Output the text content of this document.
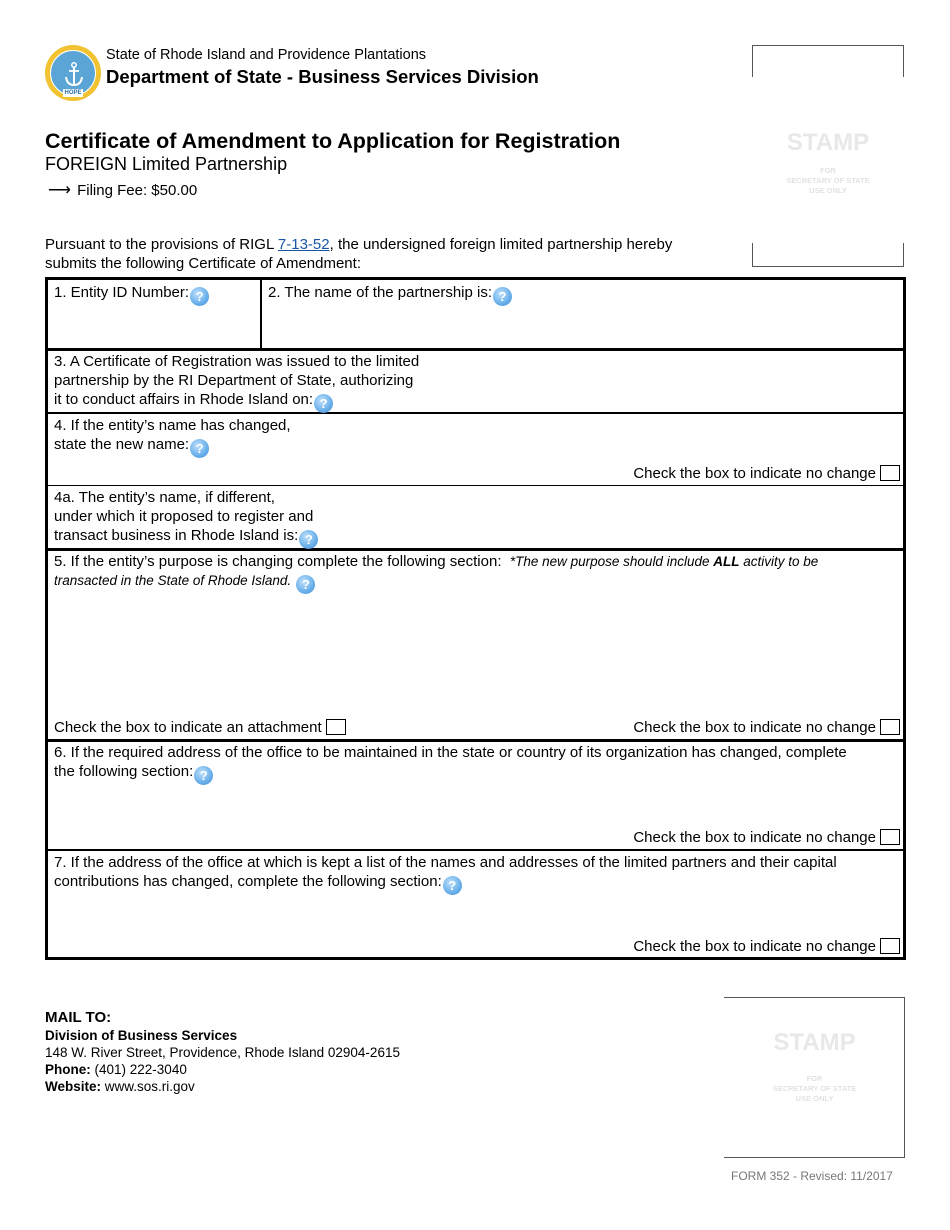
HOPE
State of Rhode Island and Providence Plantations
Department of State - Business Services Division
Certificate of Amendment to Application for Registration
FOREIGN Limited Partnership
⟶ Filing Fee: $50.00
STAMP
FOR
SECRETARY OF STATE
USE ONLY
Pursuant to the provisions of RIGL 7-13-52, the undersigned foreign limited partnership hereby
submits the following Certificate of Amendment:
1. Entity ID Number: ?	2. The name of the partnership is: ?
3. A Certificate of Registration was issued to the limited
partnership by the RI Department of State, authorizing
it to conduct affairs in Rhode Island on: ?
4. If the entity’s name has changed,
state the new name: ?
Check the box to indicate no change
4a. The entity’s name, if different,
under which it proposed to register and
transact business in Rhode Island is: ?
5. If the entity’s purpose is changing complete the following section: *The new purpose should include ALL activity to be
transacted in the State of Rhode Island. ?
Check the box to indicate an attachment	Check the box to indicate no change
6. If the required address of the office to be maintained in the state or country of its organization has changed, complete
the following section: ?
Check the box to indicate no change
7. If the address of the office at which is kept a list of the names and addresses of the limited partners and their capital
contributions has changed, complete the following section: ?
Check the box to indicate no change
MAIL TO:
Division of Business Services
148 W. River Street, Providence, Rhode Island 02904-2615
Phone: (401) 222-3040
Website: www.sos.ri.gov
STAMP
FOR
SECRETARY OF STATE
USE ONLY
FORM 352 - Revised: 11/2017
